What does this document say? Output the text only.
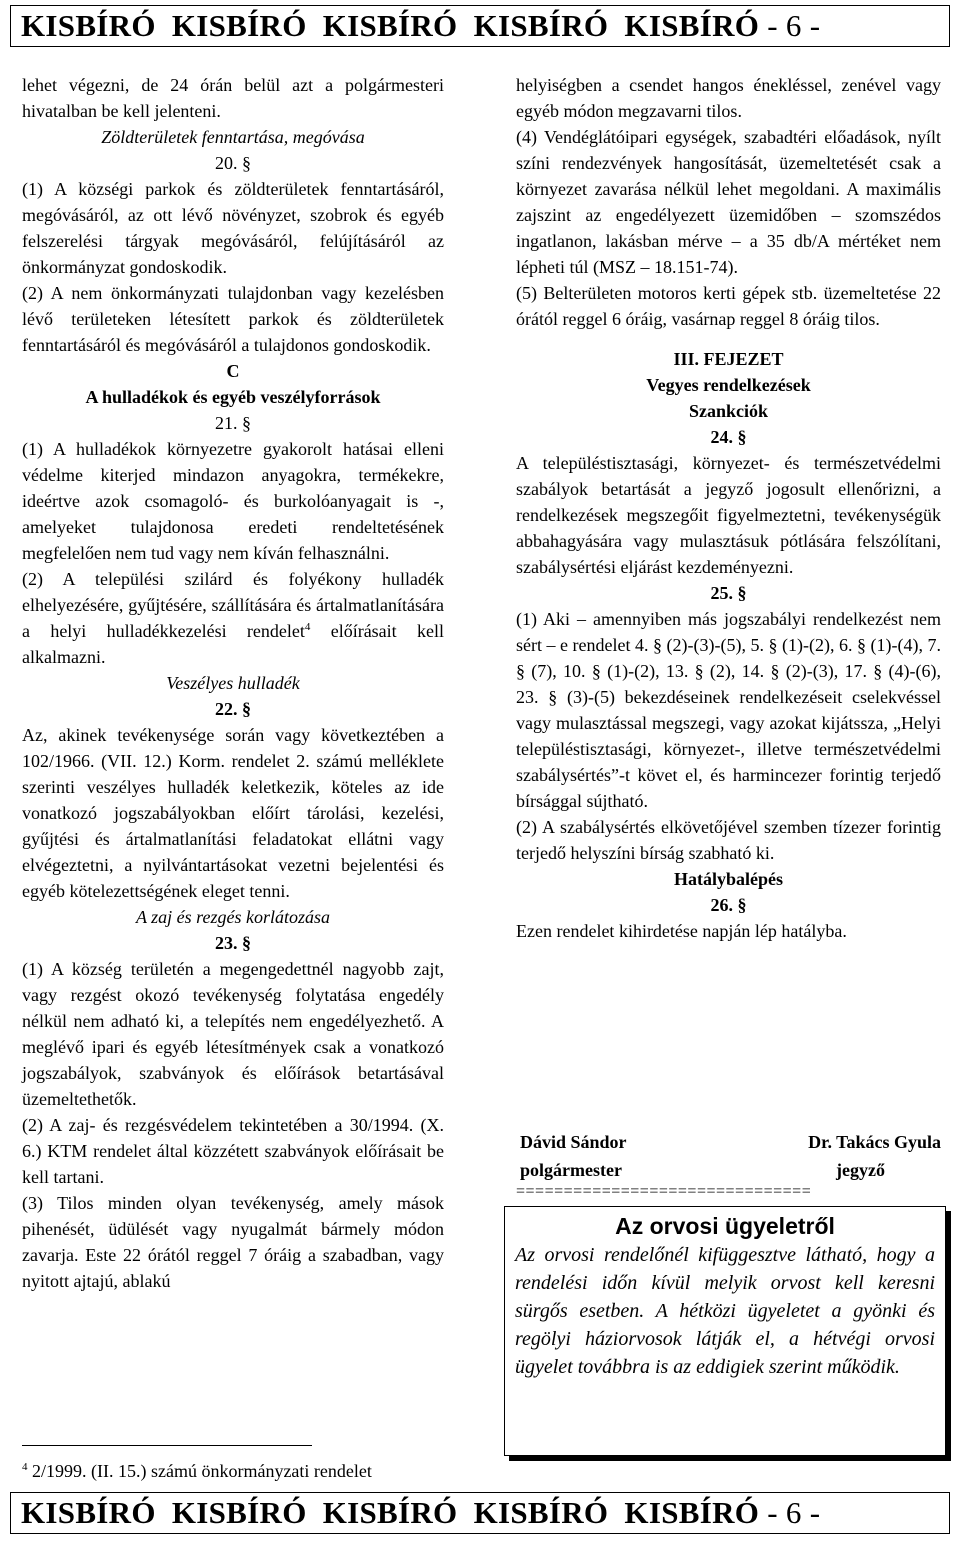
KISBÍRÓ  KISBÍRÓ  KISBÍRÓ  KISBÍRÓ  KISBÍRÓ - 6 -

lehet végezni, de 24 órán belül azt a polgármesteri hivatalban be kell jelenteni.

Zöldterületek fenntartása, megóvása

20. §

(1) A községi parkok és zöldterületek fenntartásáról, megóvásáról, az ott lévő növényzet, szobrok és egyéb felszerelési tárgyak megóvásáról, felújításáról az önkormányzat gondoskodik.

(2) A nem önkormányzati tulajdonban vagy kezelésben lévő területeken létesített parkok és zöldterületek fenntartásáról és megóvásáról a tulajdonos gondoskodik.

C

A hulladékok és egyéb veszélyforrások

21. §

(1) A hulladékok környezetre gyakorolt hatásai elleni védelme kiterjed mindazon anyagokra, termékekre, ideértve azok csomagoló- és burkolóanyagait is -, amelyeket tulajdonosa eredeti rendeltetésének megfelelően nem tud vagy nem kíván felhasználni.

(2) A települési szilárd és folyékony hulladék elhelyezésére, gyűjtésére, szállítására és ártalmatlanítására a helyi hulladékkezelési rendelet$^4$ előírásait kell alkalmazni.

Veszélyes hulladék

22. §

Az, akinek tevékenysége során vagy következtében a 102/1966. (VII. 12.) Korm. rendelet 2. számú melléklete szerinti veszélyes hulladék keletkezik, köteles az ide vonatkozó jogszabályokban előírt tárolási, kezelési, gyűjtési és ártalmatlanítási feladatokat ellátni vagy elvégeztetni, a nyilvántartásokat vezetni bejelentési és egyéb kötelezettségének eleget tenni.

A zaj és rezgés korlátozása

23. §

(1) A község területén a megengedettnél nagyobb zajt, vagy rezgést okozó tevékenység folytatása engedély nélkül nem adható ki, a telepítés nem engedélyezhető. A meglévő ipari és egyéb létesítmények csak a vonatkozó jogszabályok, szabványok és előírások betartásával üzemeltethetők.

(2) A zaj- és rezgésvédelem tekintetében a 30/1994. (X. 6.) KTM rendelet által közzétett szabványok előírásait be kell tartani.

(3) Tilos minden olyan tevékenység, amely mások pihenését, üdülését vagy nyugalmát bármely módon zavarja. Este 22 órától reggel 7 óráig a szabadban, vagy nyitott ajtajú, ablakú

$^4$ 2/1999. (II. 15.) számú önkormányzati rendelet

helyiségben a csendet hangos énekléssel, zenével vagy egyéb módon megzavarni tilos.

(4) Vendéglátóipari egységek, szabadtéri előadások, nyílt színi rendezvények hangosítását, üzemeltetését csak a környezet zavarása nélkül lehet megoldani. A maximális zajszint az engedélyezett üzemidőben – szomszédos ingatlanon, lakásban mérve – a 35 db/A mértéket nem lépheti túl (MSZ – 18.151-74).

(5) Belterületen motoros kerti gépek stb. üzemeltetése 22 órától reggel 6 óráig, vasárnap reggel 8 óráig tilos.

III. FEJEZET

Vegyes rendelkezések

Szankciók

24. §

A településtisztasági, környezet- és természetvédelmi szabályok betartását a jegyző jogosult ellenőrizni, a rendelkezések megszegőit figyelmeztetni, tevékenységük abbahagyására vagy mulasztásuk pótlására felszólítani, szabálysértési eljárást kezdeményezni.

25. §

(1) Aki – amennyiben más jogszabályi rendelkezést nem sért – e rendelet 4. § (2)-(3)-(5), 5. § (1)-(2), 6. § (1)-(4), 7. § (7), 10. § (1)-(2), 13. § (2), 14. § (2)-(3), 17. § (4)-(6), 23. § (3)-(5) bekezdéseinek rendelkezéseit cselekvéssel vagy mulasztással megszegi, vagy azokat kijátssza, „Helyi településtisztasági, környezet-, illetve természetvédelmi szabálysértés”-t követ el, és harmincezer forintig terjedő bírsággal sújtható.

(2) A szabálysértés elkövetőjével szemben tízezer forintig terjedő helyszíni bírság szabható ki.

Hatálybalépés

26. §

Ezen rendelet kihirdetése napján lép hatályba.

Dávid Sándor	Dr. Takács Gyula
polgármester	jegyző
===============================
Az orvosi ügyeletről

Az orvosi rendelőnél kifüggesztve látható, hogy a rendelési időn kívül melyik orvost kell keresni sürgős esetben. A hétközi ügyeletet a gyönki és regölyi háziorvosok látják el, a hétvégi orvosi ügyelet továbbra is az eddigiek szerint működik.

KISBÍRÓ  KISBÍRÓ  KISBÍRÓ  KISBÍRÓ  KISBÍRÓ - 6 -
